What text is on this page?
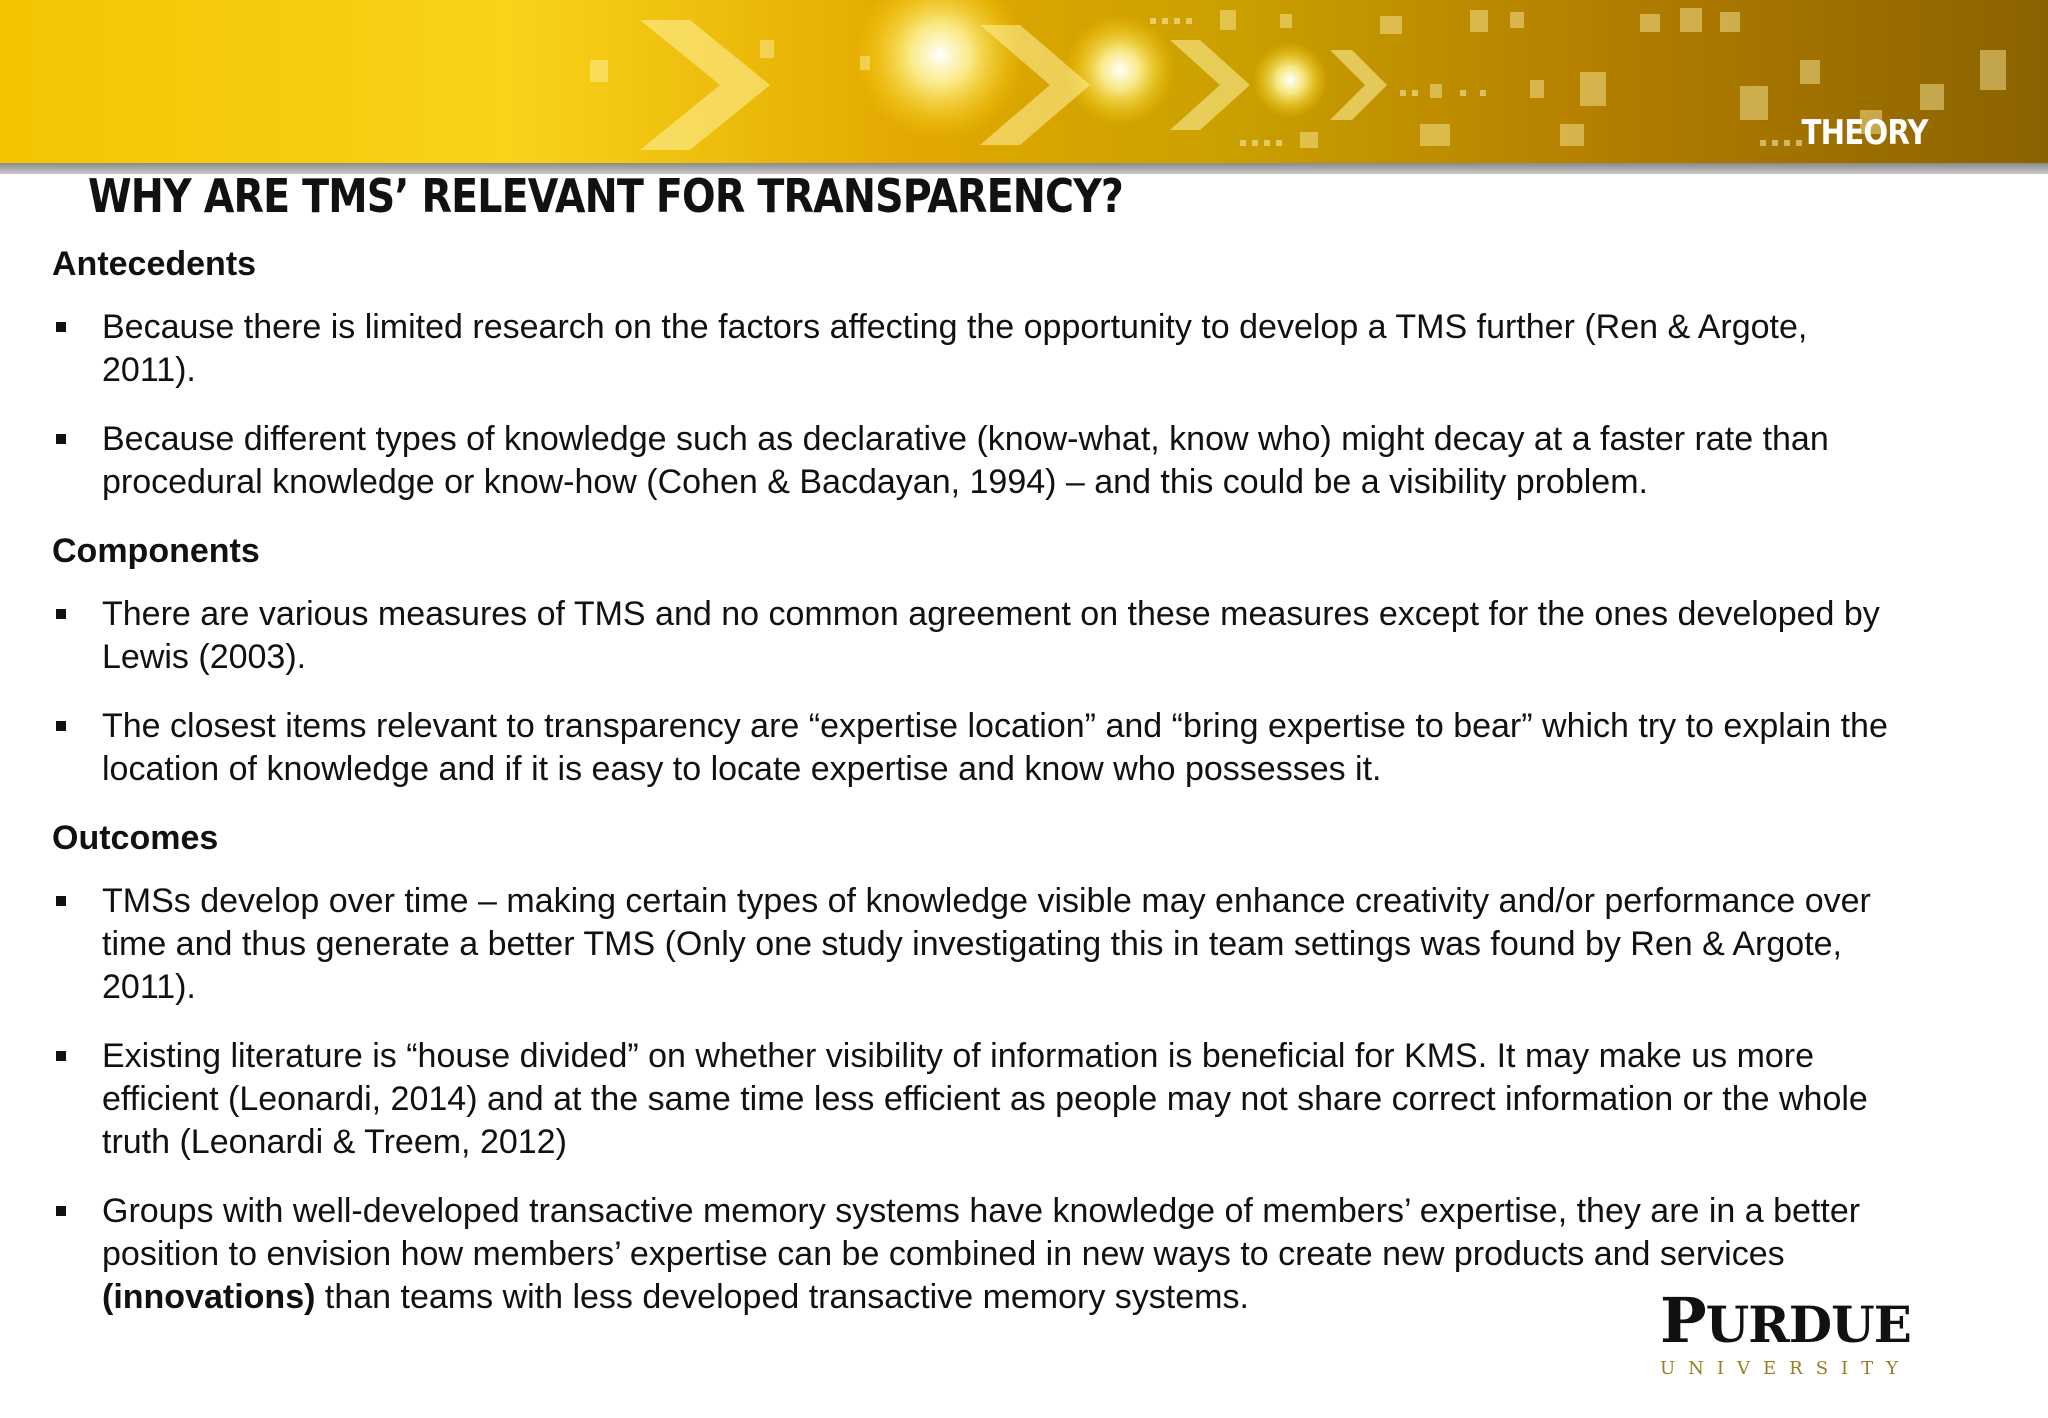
THEORY
WHY ARE TMS’ RELEVANT FOR TRANSPARENCY?
Antecedents
Because there is limited research on the factors affecting the opportunity to develop a TMS further (Ren & Argote, 2011).
Because different types of knowledge such as declarative (know-what, know who) might decay at a faster rate than procedural knowledge or know-how (Cohen & Bacdayan, 1994) – and this could be a visibility problem.
Components
There are various measures of TMS and no common agreement on these measures except for the ones developed by Lewis (2003).
The closest items relevant to transparency are “expertise location” and “bring expertise to bear” which try to explain the location of knowledge and if it is easy to locate expertise and know who possesses it.
Outcomes
TMSs develop over time – making certain types of knowledge visible may enhance creativity and/or performance over time and thus generate a better TMS (Only one study investigating this in team settings was found by Ren & Argote, 2011).
Existing literature is “house divided” on whether visibility of information is beneficial for KMS. It may make us more efficient (Leonardi, 2014) and at the same time less efficient as people may not share correct information or the whole truth (Leonardi & Treem, 2012)
Groups with well-developed transactive memory systems have knowledge of members’ expertise, they are in a better position to envision how members’ expertise can be combined in new ways to create new products and services (innovations) than teams with less developed transactive memory systems.	PURDUE
UNIVERSITY
